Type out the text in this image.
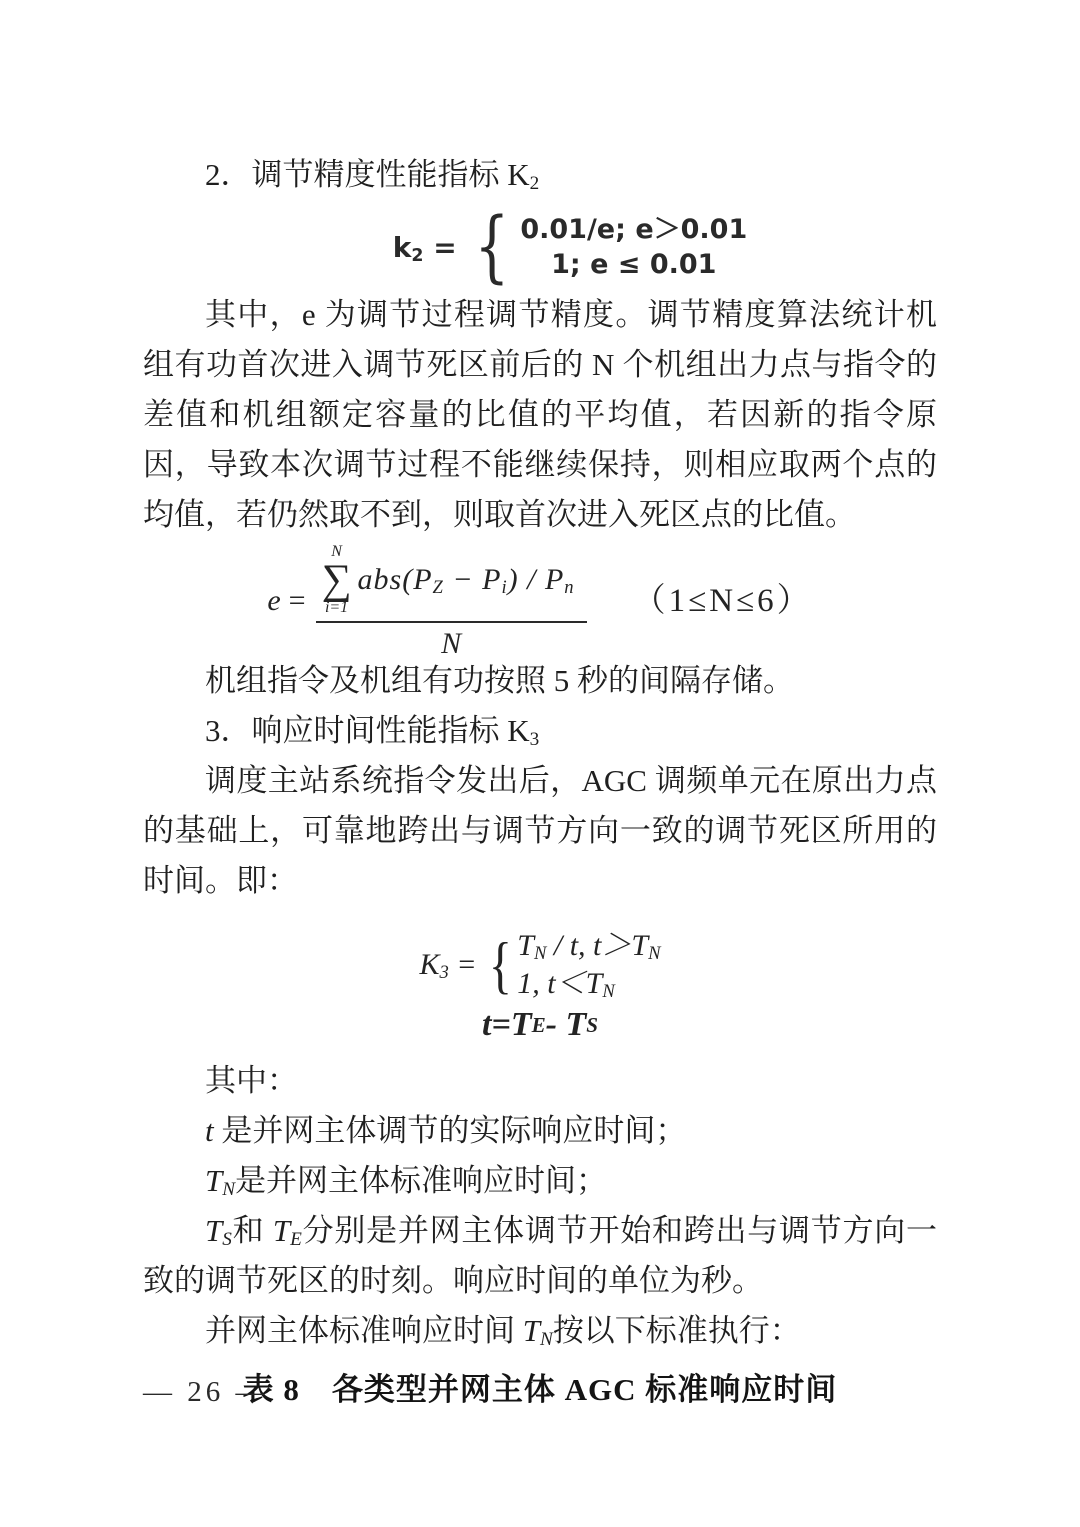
2．调节精度性能指标 $K_2$

$k_2$ = { 0.01/e; e＞0.01
1; e ≤ 0.01

其中，e 为调节过程调节精度。调节精度算法统计机组有功首次进入调节死区前后的 N 个机组出力点与指令的差值和机组额定容量的比值的平均值，若因新的指令原因，导致本次调节过程不能继续保持，则相应取两个点的均值，若仍然取不到，则取首次进入死区点的比值。

e =
N
∑
i=1
$abs(P_Z - P_i) / P_n$
N
（1≤N≤6）

机组指令及机组有功按照 5 秒的间隔存储。

3．响应时间性能指标 $K_3$

调度主站系统指令发出后，AGC 调频单元在原出力点的基础上，可靠地跨出与调节方向一致的调节死区所用的时间。即：

$K_3$ = { $T_N$ / t, $t>T_N$
1, $t<T_N$
t=T E - T S

其中：

t 是并网主体调节的实际响应时间；

$T_N$是并网主体标准响应时间；

$T_S$和 $T_E$分别是并网主体调节开始和跨出与调节方向一致的调节死区的时刻。响应时间的单位为秒。

并网主体标准响应时间 $T_N$按以下标准执行：

表 8　各类型并网主体 AGC 标准响应时间

— 26 —
